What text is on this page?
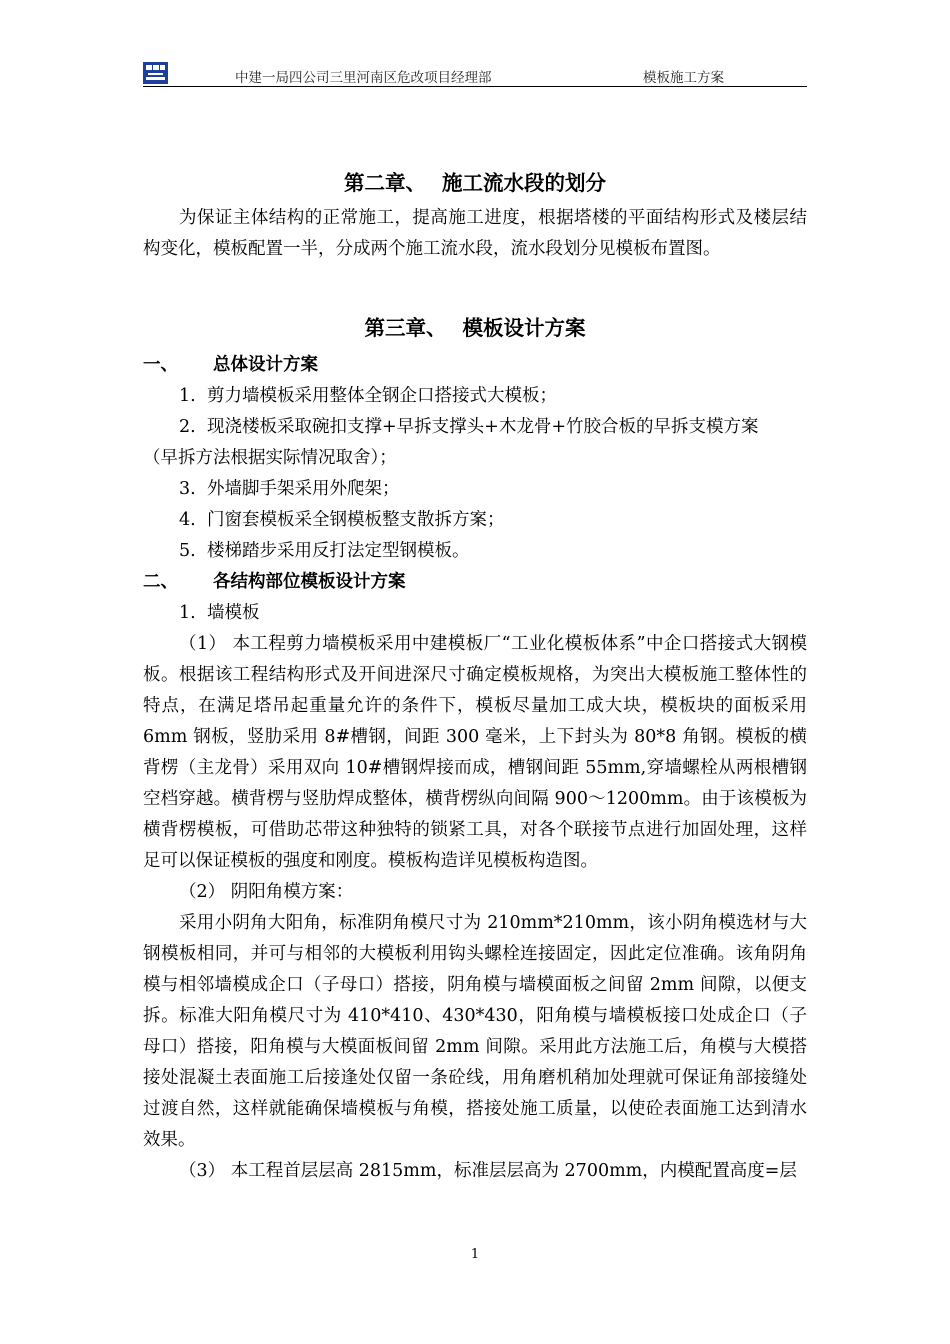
中建一局四公司三里河南区危改项目经理部	模板施工方案
第二章、 施工流水段的划分

为保证主体结构的正常施工，提高施工进度，根据塔楼的平面结构形式及楼层结构变化，模板配置一半，分成两个施工流水段，流水段划分见模板布置图。

第三章、 模板设计方案
一、 总体设计方案
1. 剪力墙模板采用整体全钢企口搭接式大模板；
2. 现浇楼板采取碗扣支撑+早拆支撑头+木龙骨+竹胶合板的早拆支模方案
（早拆方法根据实际情况取舍）；
3. 外墙脚手架采用外爬架；
4. 门窗套模板采全钢模板整支散拆方案；
5. 楼梯踏步采用反打法定型钢模板。
二、 各结构部位模板设计方案
1. 墙模板

（1） 本工程剪力墙模板采用中建模板厂“工业化模板体系”中企口搭接式大钢模板。根据该工程结构形式及开间进深尺寸确定模板规格，为突出大模板施工整体性的特点，在满足塔吊起重量允许的条件下，模板尽量加工成大块，模板块的面板采用 6mm 钢板，竖肋采用 8#槽钢，间距 300 毫米，上下封头为 80*8 角钢。模板的横背楞（主龙骨）采用双向 10#槽钢焊接而成，槽钢间距 55mm,穿墙螺栓从两根槽钢空档穿越。横背楞与竖肋焊成整体，横背楞纵向间隔 900～1200mm。由于该模板为横背楞模板，可借助芯带这种独特的锁紧工具，对各个联接节点进行加固处理，这样足可以保证模板的强度和刚度。模板构造详见模板构造图。

（2） 阴阳角模方案：

采用小阴角大阳角，标准阴角模尺寸为 210mm*210mm，该小阴角模选材与大钢模板相同，并可与相邻的大模板利用钩头螺栓连接固定，因此定位准确。该角阴角模与相邻墙模成企口（子母口）搭接，阴角模与墙模面板之间留 2mm 间隙，以便支拆。标准大阳角模尺寸为 410*410、430*430，阳角模与墙模板接口处成企口（子母口）搭接，阳角模与大模面板间留 2mm 间隙。采用此方法施工后，角模与大模搭接处混凝土表面施工后接逢处仅留一条砼线，用角磨机稍加处理就可保证角部接缝处过渡自然，这样就能确保墙模板与角模，搭接处施工质量，以使砼表面施工达到清水效果。

（3） 本工程首层层高 2815mm，标准层层高为 2700mm，内模配置高度=层

1
